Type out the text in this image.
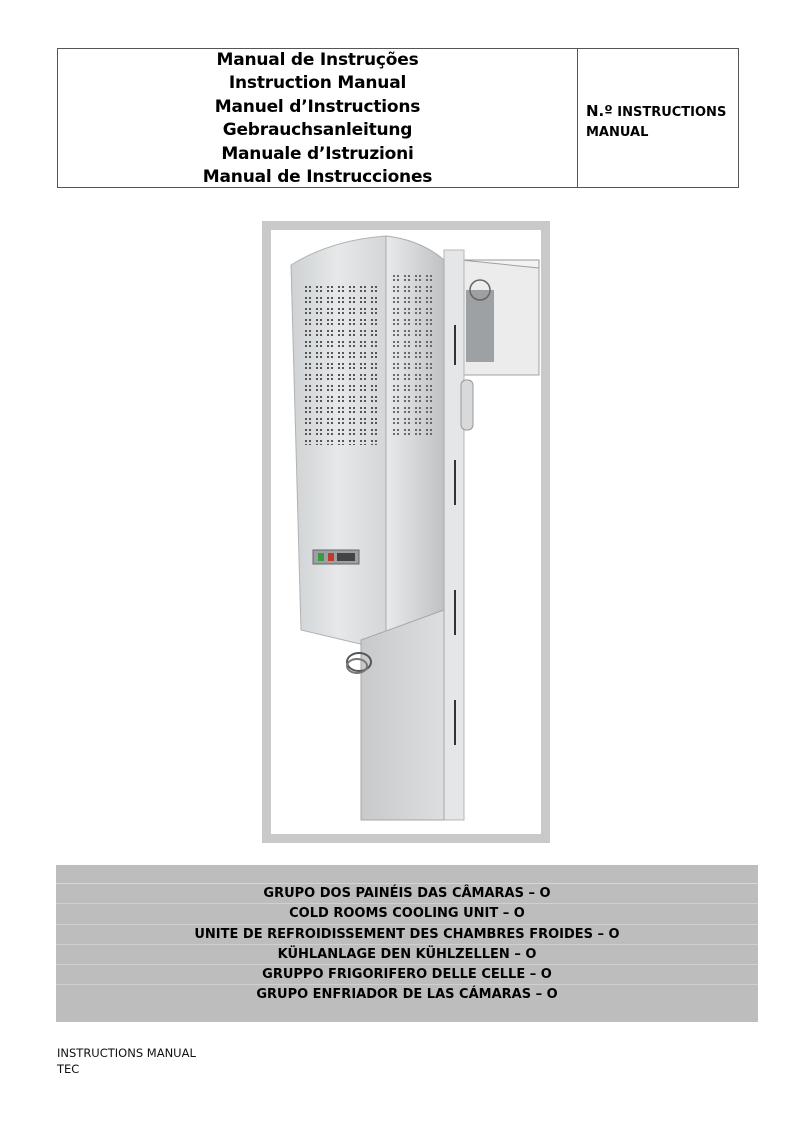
Manual de Instruções
Instruction Manual
Manuel d’Instructions
Gebrauchsanleitung
Manuale d’Istruzioni
Manual de Instrucciones
N.º INSTRUCTIONS
MANUAL
GRUPO DOS PAINÉIS DAS CÂMARAS – O
COLD ROOMS COOLING UNIT – O
UNITE DE REFROIDISSEMENT DES CHAMBRES FROIDES – O
KÜHLANLAGE DEN KÜHLZELLEN – O
GRUPPO FRIGORIFERO DELLE CELLE – O
GRUPO ENFRIADOR DE LAS CÁMARAS – O
INSTRUCTIONS MANUAL
TEC
